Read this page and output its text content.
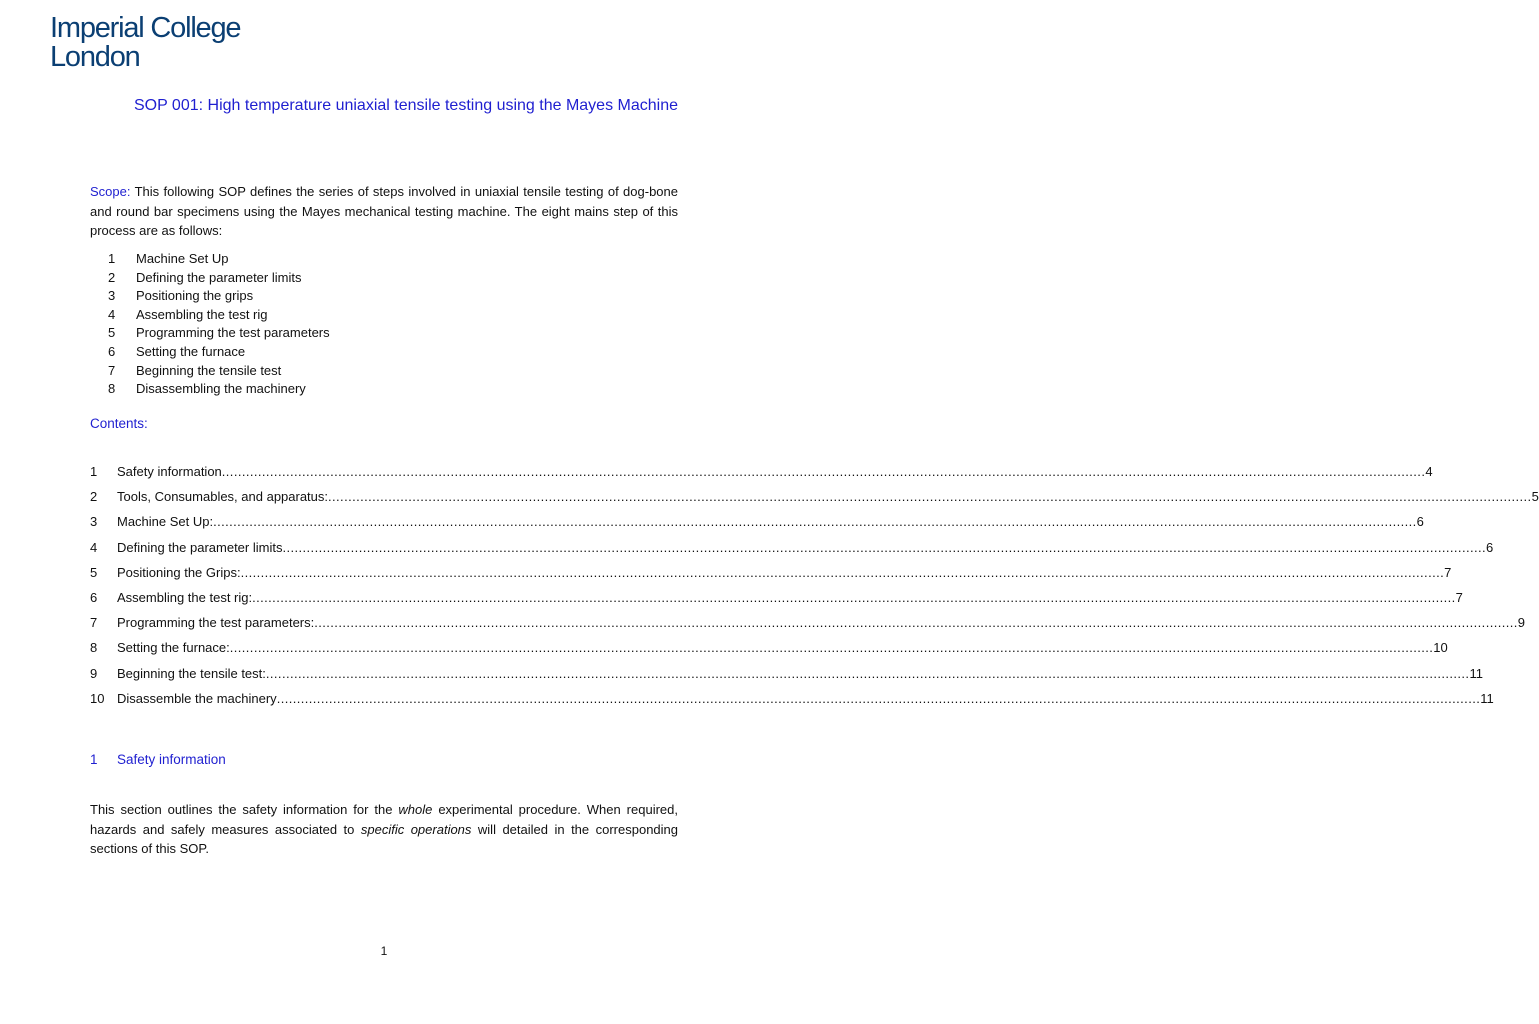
Imperial College
London
SOP 001: High temperature uniaxial tensile testing using the Mayes Machine
Scope: This following SOP defines the series of steps involved in uniaxial tensile testing of dog-bone and round bar specimens using the Mayes mechanical testing machine. The eight mains step of this process are as follows:
1	Machine Set Up
2	Defining the parameter limits
3	Positioning the grips
4	Assembling the test rig
5	Programming the test parameters
6	Setting the furnace
7	Beginning the tensile test
8	Disassembling the machinery
Contents:
1	Safety information ............................................................................................................................................................................................................................................................................................................ 4
2	Tools, Consumables, and apparatus: ............................................................................................................................................................................................................................................................................................................ 5
3	Machine Set Up: ............................................................................................................................................................................................................................................................................................................ 6
4	Defining the parameter limits ............................................................................................................................................................................................................................................................................................................ 6
5	Positioning the Grips: ............................................................................................................................................................................................................................................................................................................ 7
6	Assembling the test rig: ............................................................................................................................................................................................................................................................................................................ 7
7	Programming the test parameters: ............................................................................................................................................................................................................................................................................................................ 9
8	Setting the furnace: ............................................................................................................................................................................................................................................................................................................ 10
9	Beginning the tensile test: ............................................................................................................................................................................................................................................................................................................ 11
10 Disassemble the machinery ............................................................................................................................................................................................................................................................................................................ 11
1	Safety information
This section outlines the safety information for the whole experimental procedure. When required, hazards and safely measures associated to specific operations will detailed in the corresponding sections of this SOP.
1
